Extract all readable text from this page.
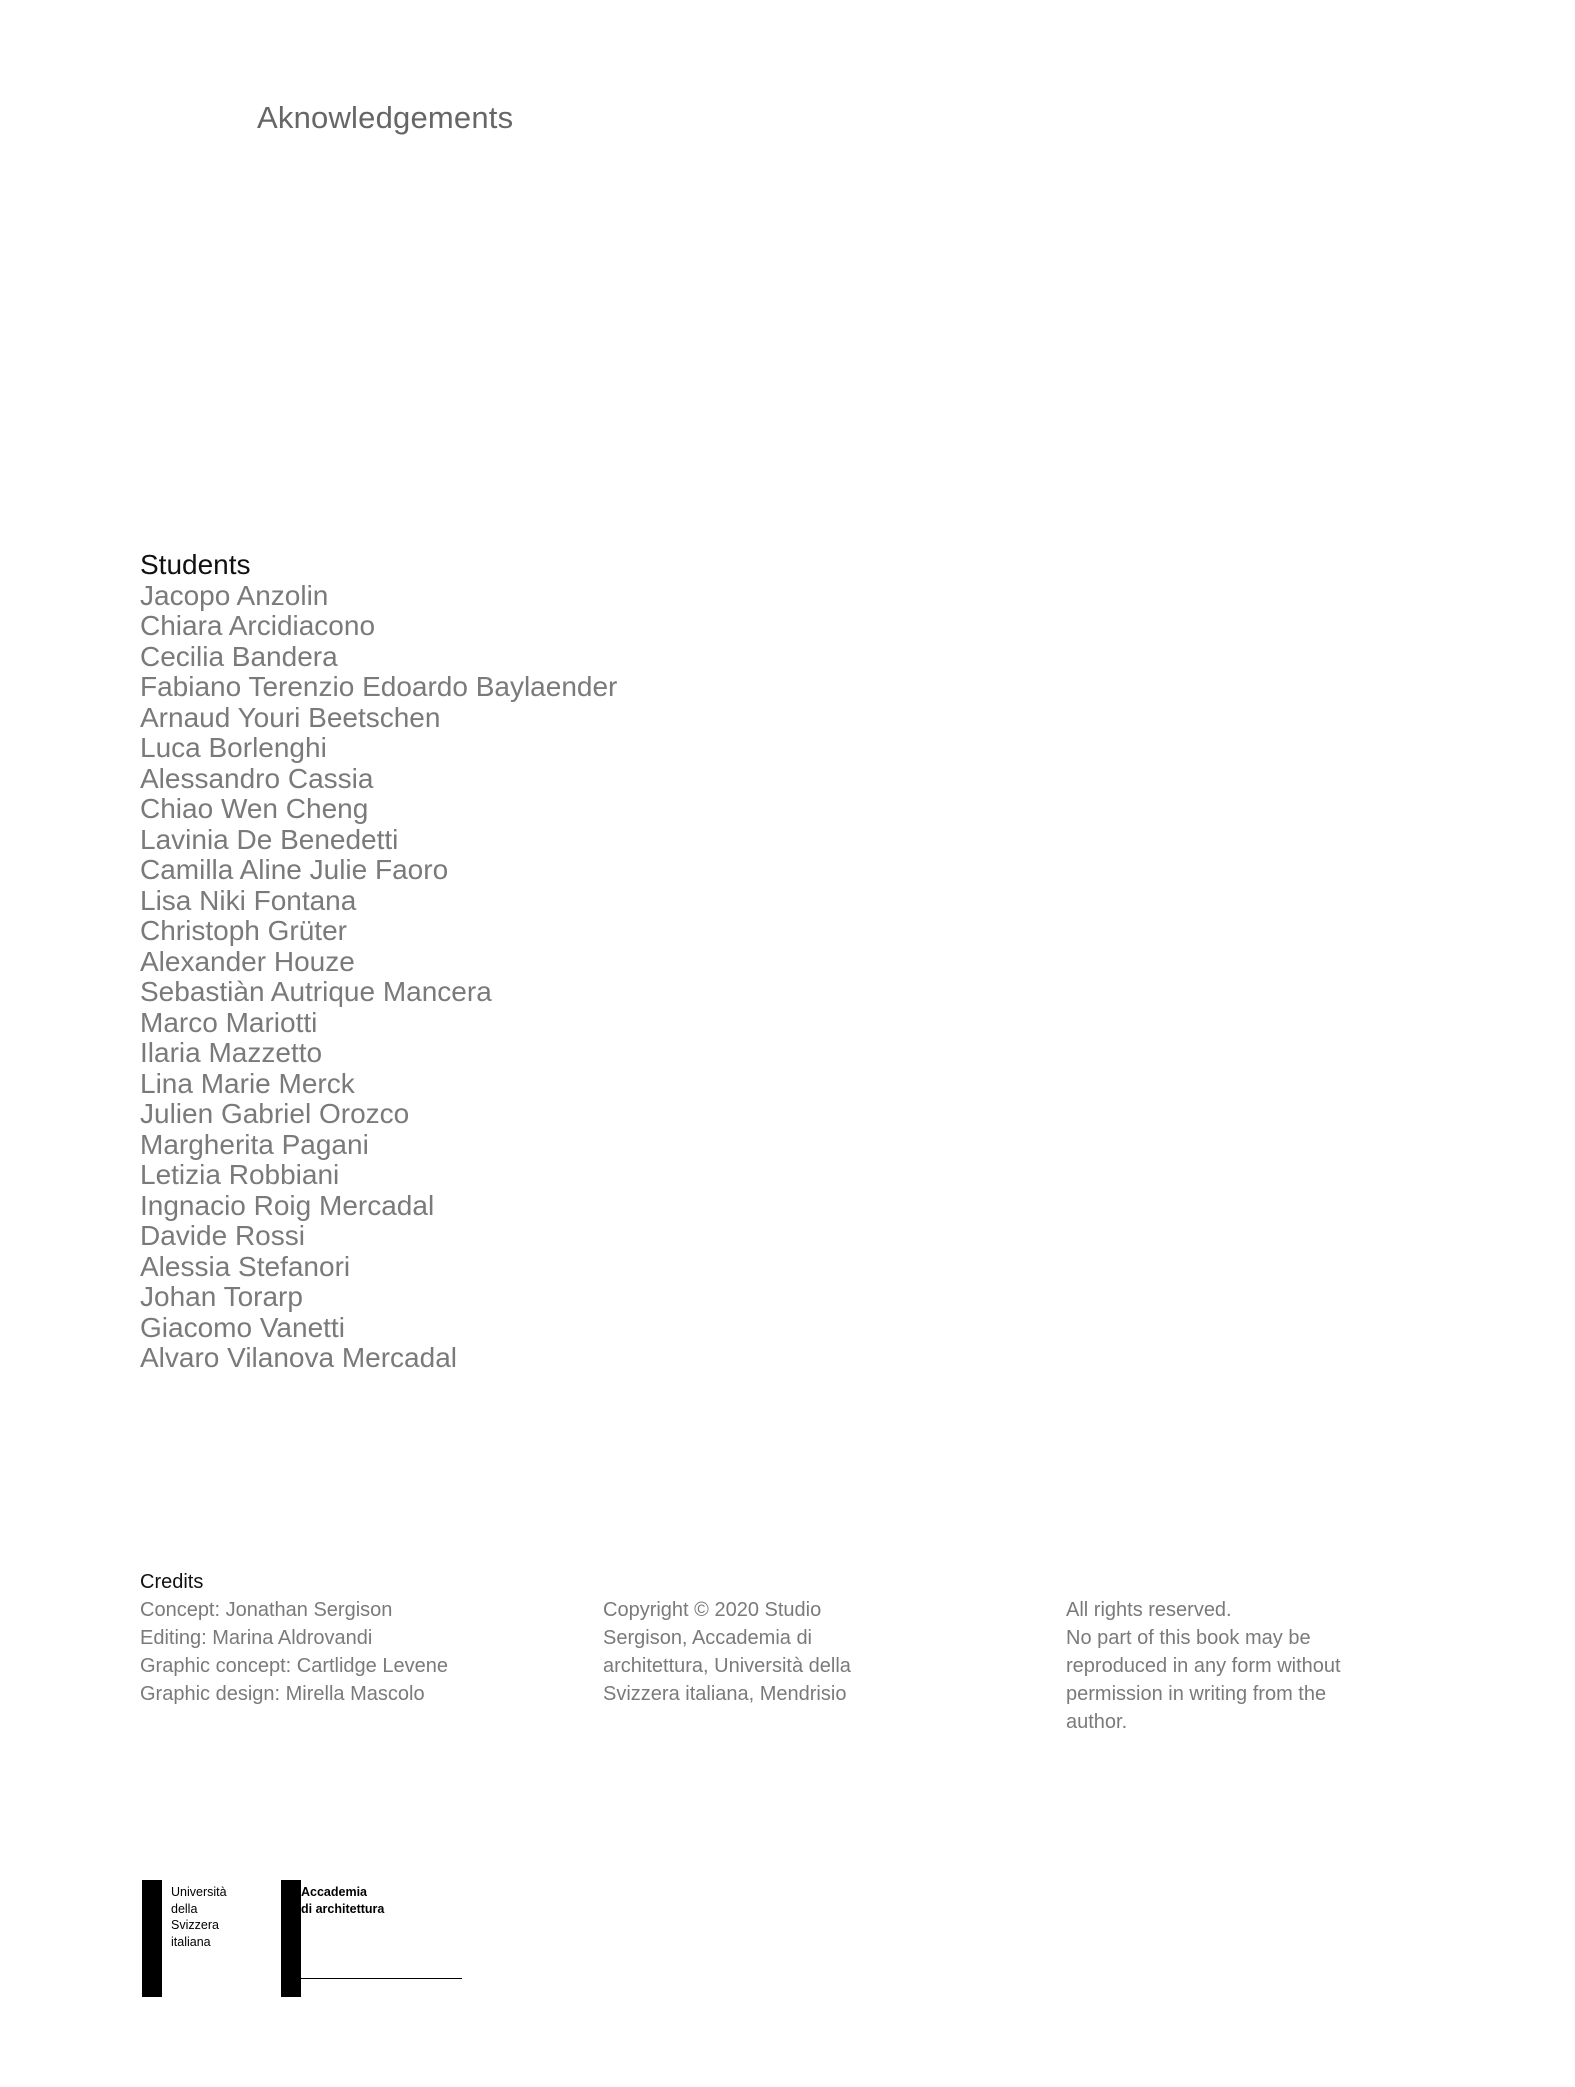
Aknowledgements
Students
Jacopo Anzolin
Chiara Arcidiacono
Cecilia Bandera
Fabiano Terenzio Edoardo Baylaender
Arnaud Youri Beetschen
Luca Borlenghi
Alessandro Cassia
Chiao Wen Cheng
Lavinia De Benedetti
Camilla Aline Julie Faoro
Lisa Niki Fontana
Christoph Grüter
Alexander Houze
Sebastiàn Autrique Mancera
Marco Mariotti
Ilaria Mazzetto
Lina Marie Merck
Julien Gabriel Orozco
Margherita Pagani
Letizia Robbiani
Ingnacio Roig Mercadal
Davide Rossi
Alessia Stefanori
Johan Torarp
Giacomo Vanetti
Alvaro Vilanova Mercadal
Credits

Concept: Jonathan Sergison

Editing: Marina Aldrovandi

Graphic concept: Cartlidge Levene

Graphic design: Mirella Mascolo

Copyright © 2020 Studio

Sergison, Accademia di

architettura, Università della

Svizzera italiana, Mendrisio

All rights reserved.

No part of this book may be

reproduced in any form without

permission in writing from the

author.

Università
della
Svizzera
italiana
Accademia
di architettura
